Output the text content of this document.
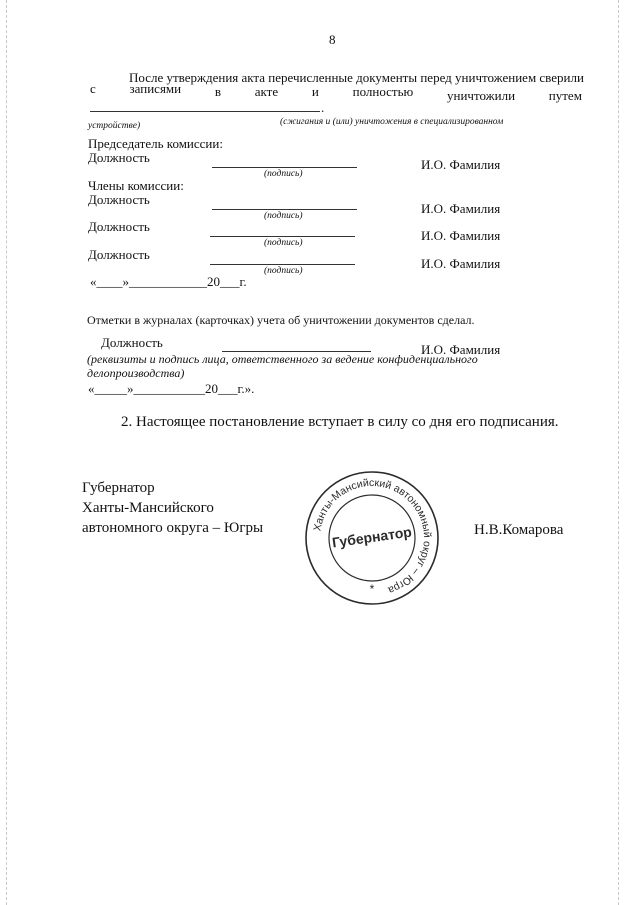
8
После утверждения акта перечисленные документы перед уничтожением сверили
с	записями	в	акте	и	полностью	уничтожили	путем
.
(сжигания и (или) уничтожения в специализированном
устройстве)
Председатель комиссии:
Должность
(подпись)
И.О. Фамилия
Члены комиссии:
Должность
(подпись)	И.О. Фамилия
Должность
(подпись)	И.О. Фамилия
Должность
(подпись)	И.О. Фамилия
«____»____________20___г.
Отметки в журналах (карточках) учета об уничтожении документов сделал.
Должность	И.О. Фамилия
(реквизиты и подпись лица, ответственного за ведение конфиденциального
делопроизводства)
«_____»___________20___г.».
2. Настоящее постановление вступает в силу со дня его подписания.
Губернатор
Ханты-Мансийского
автономного округа – Югры	Н.В.Комарова
Ханты-Мансийский автономный округ – Югра
Губернатор
*
